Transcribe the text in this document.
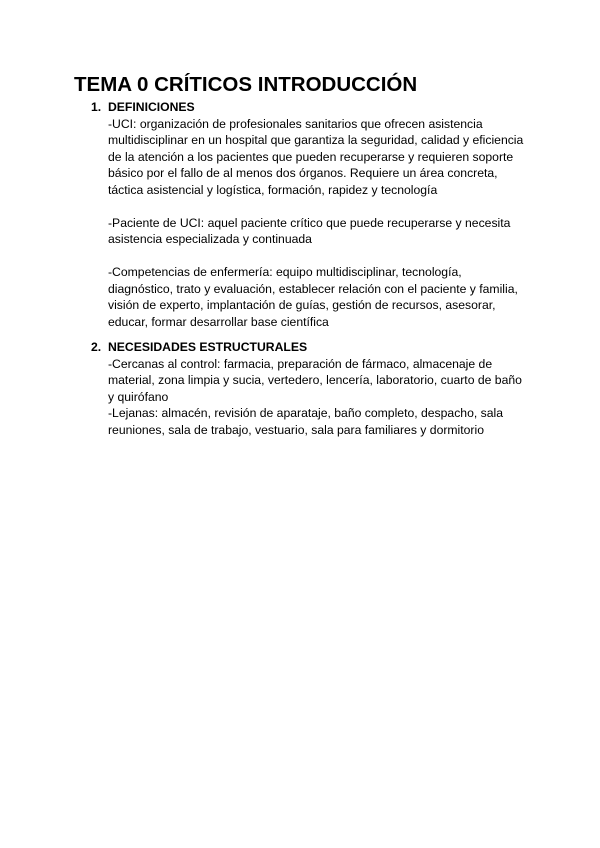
TEMA 0 CRÍTICOS INTRODUCCIÓN
1. DEFINICIONES

-UCI: organización de profesionales sanitarios que ofrecen asistencia
multidisciplinar en un hospital que garantiza la seguridad, calidad y eficiencia
de la atención a los pacientes que pueden recuperarse y requieren soporte
básico por el fallo de al menos dos órganos. Requiere un área concreta,
táctica asistencial y logística, formación, rapidez y tecnología

-Paciente de UCI: aquel paciente crítico que puede recuperarse y necesita
asistencia especializada y continuada

-Competencias de enfermería: equipo multidisciplinar, tecnología,
diagnóstico, trato y evaluación, establecer relación con el paciente y familia,
visión de experto, implantación de guías, gestión de recursos, asesorar,
educar, formar desarrollar base científica

2. NECESIDADES ESTRUCTURALES

-Cercanas al control: farmacia, preparación de fármaco, almacenaje de
material, zona limpia y sucia, vertedero, lencería, laboratorio, cuarto de baño
y quirófano

-Lejanas: almacén, revisión de aparataje, baño completo, despacho, sala
reuniones, sala de trabajo, vestuario, sala para familiares y dormitorio
